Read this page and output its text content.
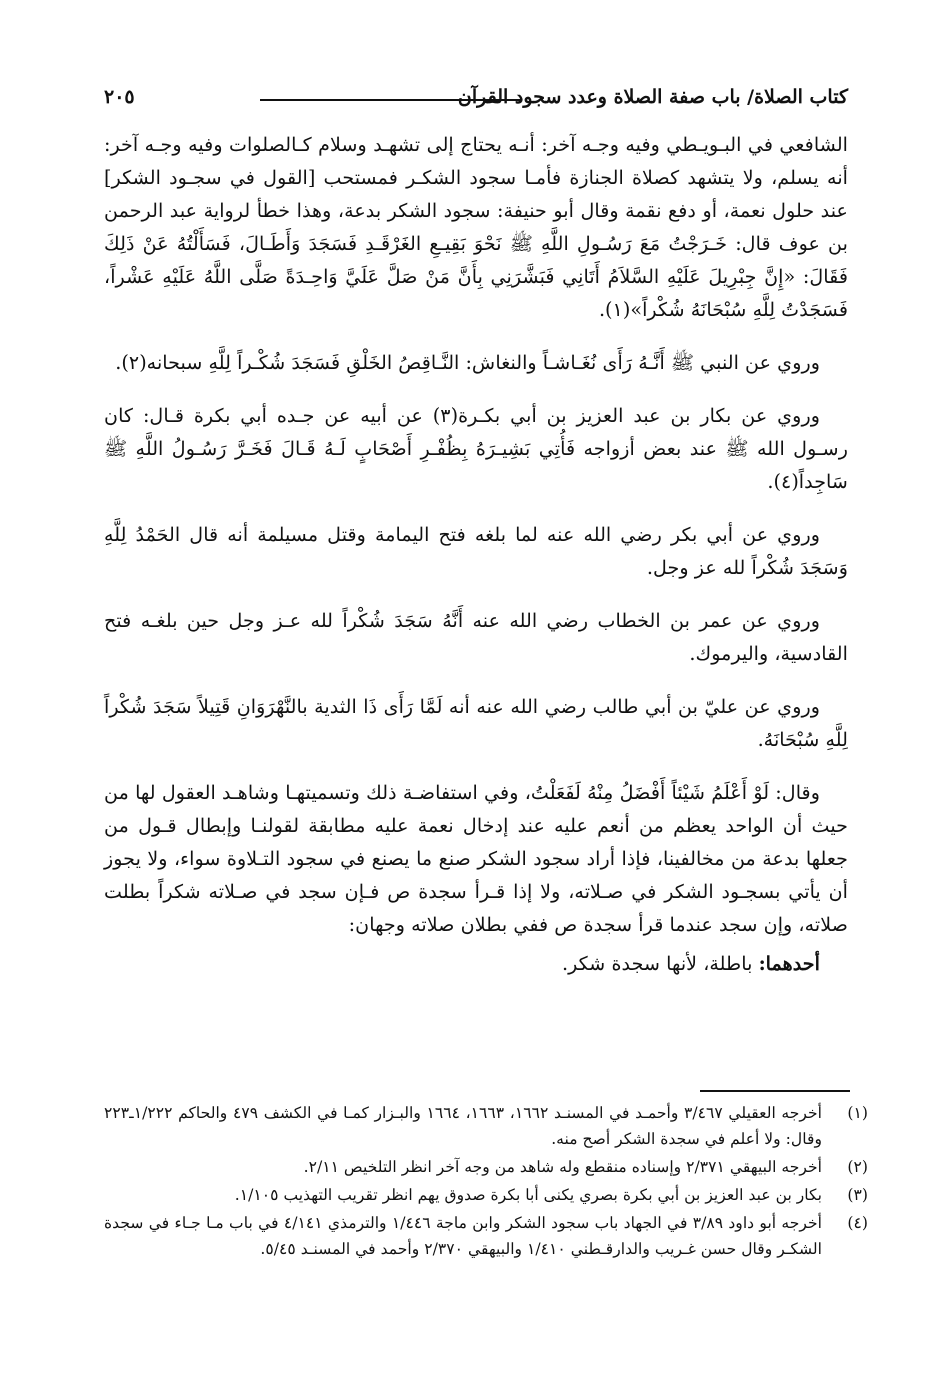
كتاب الصلاة/ باب صفة الصلاة وعدد سجود القرآن
٢٠٥

الشافعي في البـويـطي وفيه وجـه آخر: أنـه يحتاج إلى تشهـد وسلام كـالصلوات وفيه وجـه آخر: أنه يسلم، ولا يتشهد كصلاة الجنازة فأمـا سجود الشكـر فمستحب [القول في سجـود الشكر] عند حلول نعمة، أو دفع نقمة وقال أبو حنيفة: سجود الشكر بدعة، وهذا خطأ لرواية عبد الرحمن بن عوف قال: خَـرَجْتُ مَعَ رَسُـولِ اللَّهِ ﷺ نَحْوَ بَقِيـعِ الغَرْقَـدِ فَسَجَدَ وَأَطَـالَ، فَسَأَلْتُهُ عَنْ ذَلِكَ فَقَالَ: «إِنَّ جِبْرِيلَ عَلَيْهِ السَّلاَمُ أَتَانِي فَبَشَّرَنِي بِأَنَّ مَنْ صَلَّ عَلَيَّ وَاحِـدَةً صَلَّى اللَّهُ عَلَيْهِ عَشْراً، فَسَجَدْتُ لِلَّهِ سُبْحَانَهُ شُكْراً»(١).

وروي عن النبي ﷺ أَنَّـهُ رَأَى نُغَـاشـاً والنغاش: النَّـاقِصُ الخَلْقِ فَسَجَدَ شُكْـراً لِلَّهِ سبحانه(٢).

وروي عن بكار بن عبد العزيز بن أبي بكـرة(٣) عن أبيه عن جـده أبي بكرة قـال: كان رسـول الله ﷺ عند بعض أزواجه فَأُتِي بَشِيـرَهُ بِظُفْـرِ أَصْحَابٍ لَـهُ قَـالَ فَخَـرَّ رَسُـولُ اللَّهِ ﷺ سَاجِداً(٤).

وروي عن أبي بكر رضي الله عنه لما بلغه فتح اليمامة وقتل مسيلمة أنه قال الحَمْدُ لِلَّهِ وَسَجَدَ شُكْراً لله عز وجل.

وروي عن عمر بن الخطاب رضي الله عنه أَنَّهُ سَجَدَ شُكْراً لله عـز وجل حين بلغـه فتح القادسية، واليرموك.

وروي عن عليّ بن أبي طالب رضي الله عنه أنه لَمَّا رَأَى ذَا الثدية بالنَّهْرَوَانِ قَتِيلاً سَجَدَ شُكْراً لِلَّهِ سُبْحَانَهُ.

وقال: لَوْ أَعْلَمُ شَيْئاً أَفْضَلُ مِنْهُ لَفَعَلْتُ، وفي استفاضـة ذلك وتسميتهـا وشاهـد العقول لها من حيث أن الواحد يعظم من أنعم عليه عند إدخال نعمة عليه مطابقة لقولنـا وإبطال قـول من جعلها بدعة من مخالفينا، فإذا أراد سجود الشكر صنع ما يصنع في سجود التـلاوة سواء، ولا يجوز أن يأتي بسجـود الشكر في صـلاته، ولا إذا قـرأ سجدة ص فـإن سجد في صـلاته شكراً بطلت صلاته، وإن سجد عندما قرأ سجدة ص ففي بطلان صلاته وجهان:

أحدهما: باطلة، لأنها سجدة شكر.

(١)
أخرجه العقيلي ٣/٤٦٧ وأحمـد في المسنـد ١٦٦٢، ١٦٦٣، ١٦٦٤ والبـزار كمـا في الكشف ٤٧٩ والحاكم ١/٢٢٢ـ٢٢٣ وقال: ولا أعلم في سجدة الشكر أصح منه.

(٢)
أخرجه البيهقي ٢/٣٧١ وإسناده منقطع وله شاهد من وجه آخر انظر التلخيص ٢/١١.

(٣)
بكار بن عبد العزيز بن أبي بكرة بصري يكنى أبا بكرة صدوق يهم انظر تقريب التهذيب ١/١٠٥.

(٤)
أخرجه أبو داود ٣/٨٩ في الجهاد باب سجود الشكر وابن ماجة ١/٤٤٦ والترمذي ٤/١٤١ في باب مـا جـاء في سجدة الشكـر وقال حسن غـريب والدارقـطني ١/٤١٠ والبيهقي ٢/٣٧٠ وأحمد في المسنـد ٥/٤٥.
